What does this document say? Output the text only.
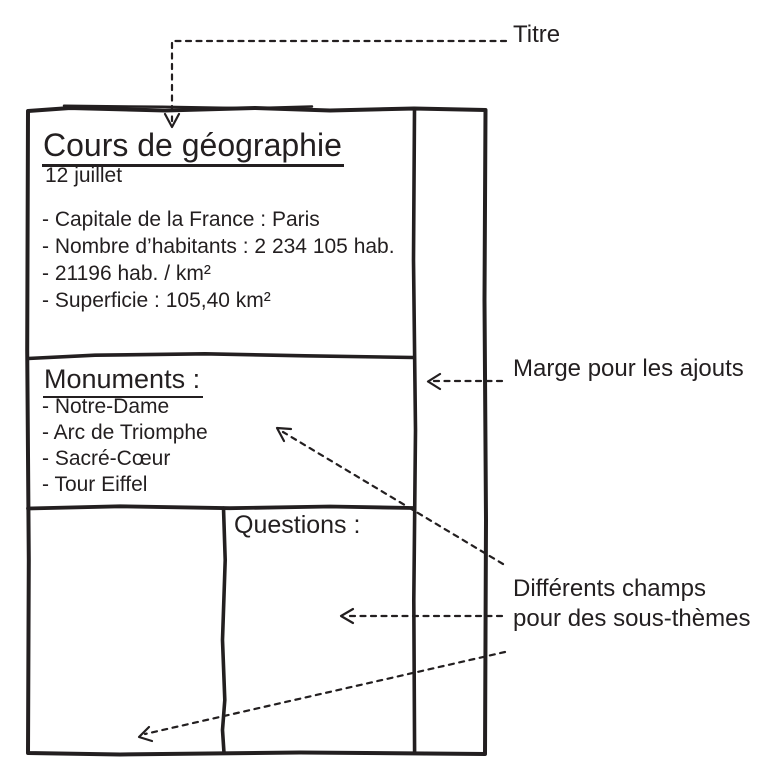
Cours de géographie
12 juillet
- Capitale de la France : Paris
- Nombre d’habitants : 2 234 105 hab.
- 21196 hab. / km²
- Superficie : 105,40 km²
Monuments :
- Notre-Dame
- Arc de Triomphe
- Sacré-Cœur
- Tour Eiffel
Questions :
Titre
Marge pour les ajouts
Différents champs
pour des sous-thèmes
